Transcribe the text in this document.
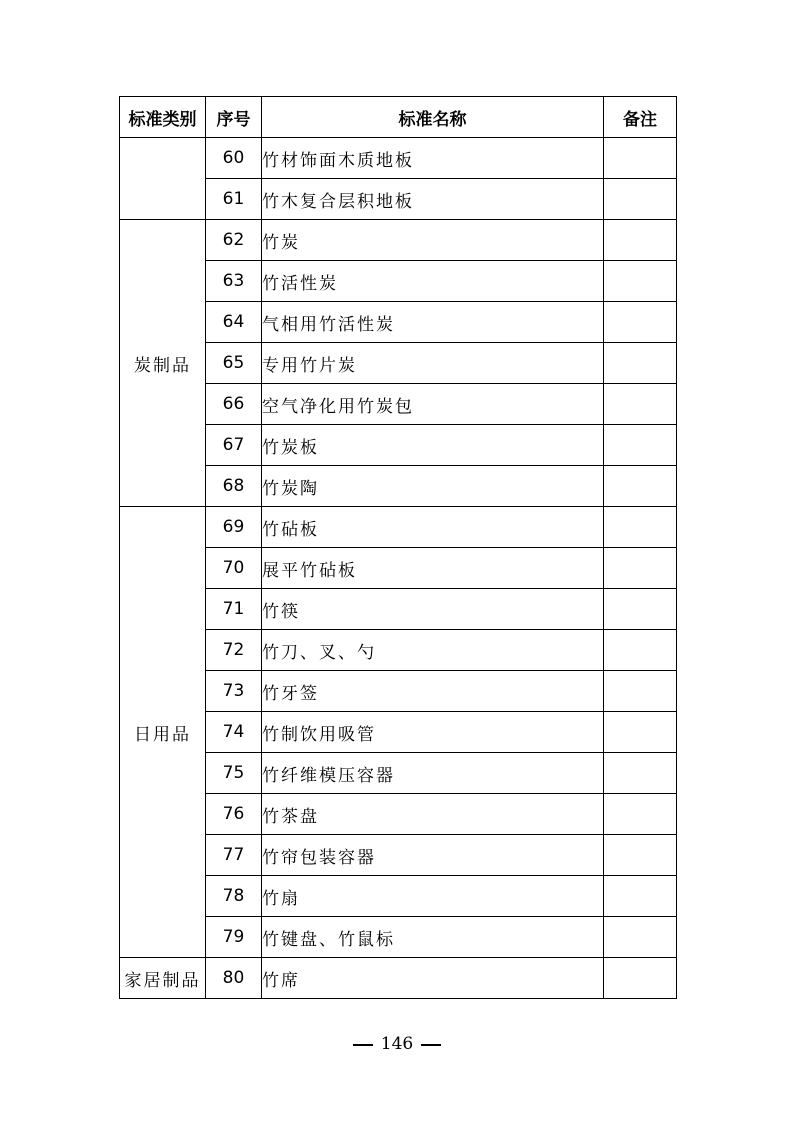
标准类别	序号	标准名称	备注
	60	竹材饰面木质地板	
	61	竹木复合层积地板	
炭制品	62	竹炭	
	63	竹活性炭	
	64	气相用竹活性炭	
	65	专用竹片炭	
	66	空气净化用竹炭包	
	67	竹炭板	
	68	竹炭陶	
日用品	69	竹砧板	
	70	展平竹砧板	
	71	竹筷	
	72	竹刀、叉、勺	
	73	竹牙签	
	74	竹制饮用吸管	
	75	竹纤维模压容器	
	76	竹茶盘	
	77	竹帘包装容器	
	78	竹扇	
	79	竹键盘、竹鼠标	
家居制品	80	竹席	
146
